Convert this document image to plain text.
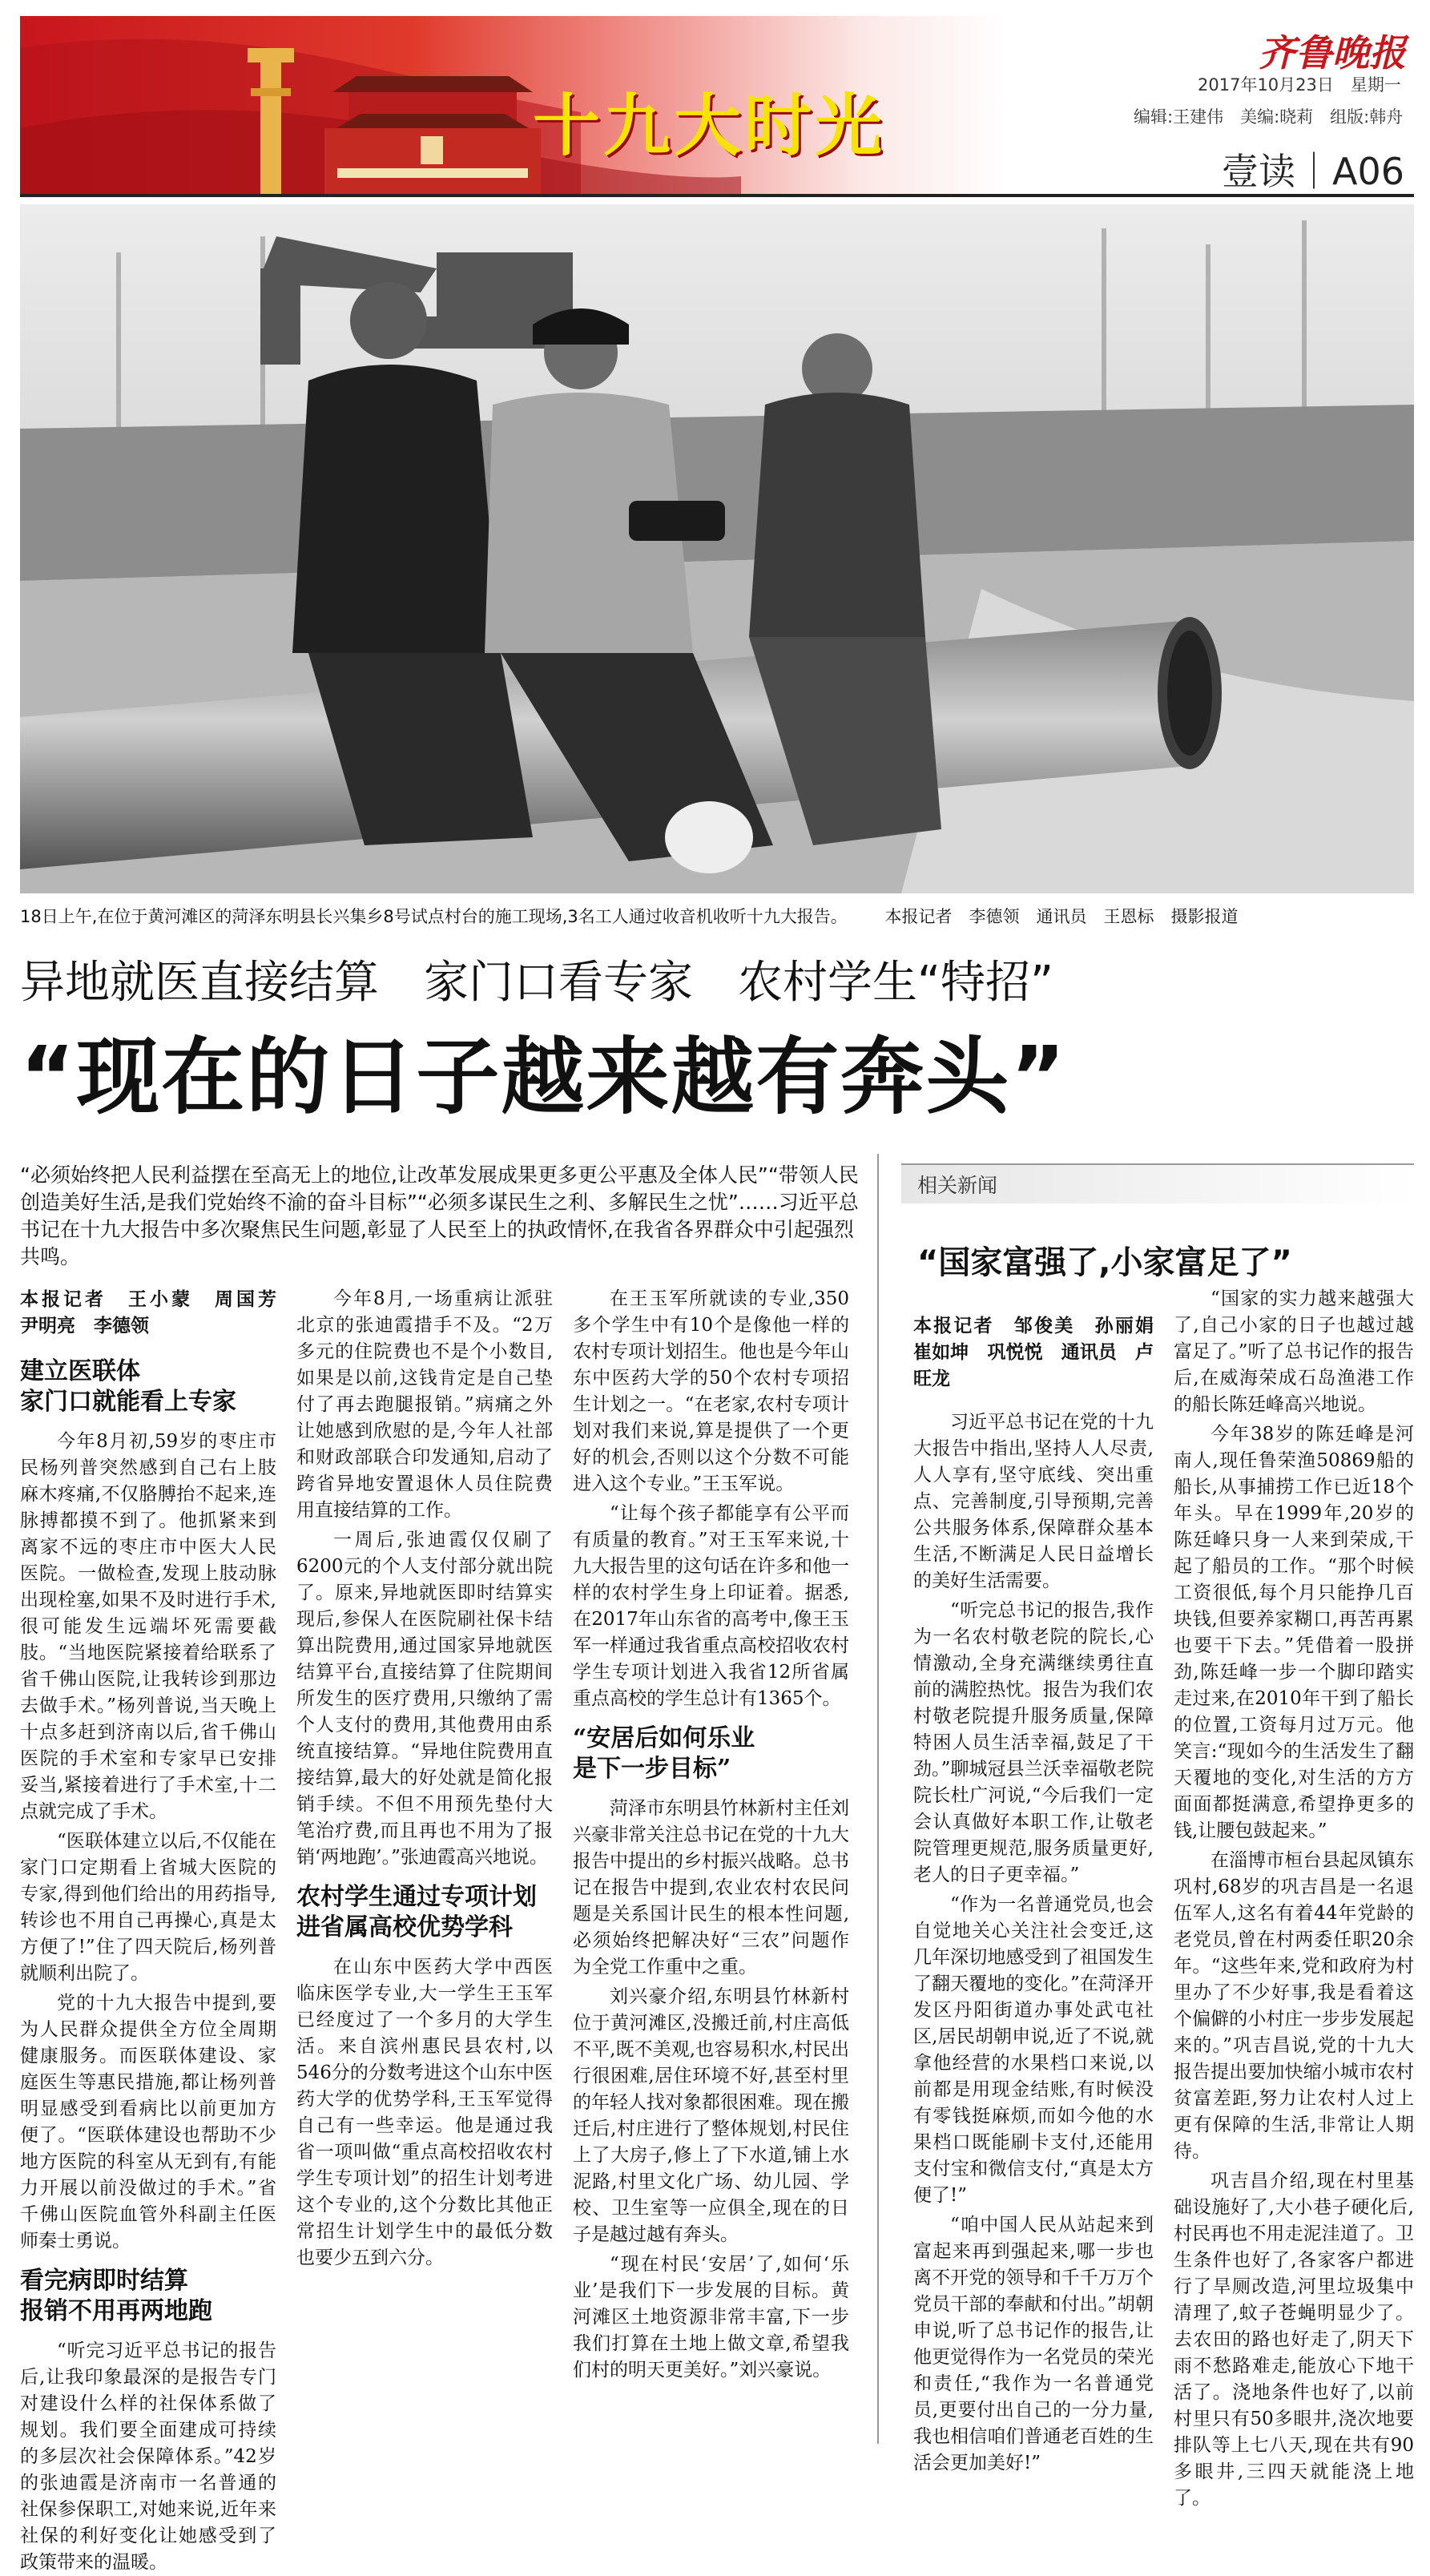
十九大时光
齐鲁晚报
2017年10月23日　星期一
编辑:王建伟　美编:晓莉　组版:韩舟
壹读｜A06
18日上午,在位于黄河滩区的菏泽东明县长兴集乡8号试点村台的施工现场,3名工人通过收音机收听十九大报告。 本报记者　李德领　通讯员　王恩标　摄影报道
异地就医直接结算　家门口看专家　农村学生“特招”
“现在的日子越来越有奔头”
“必须始终把人民利益摆在至高无上的地位,让改革发展成果更多更公平惠及全体人民”“带领人民创造美好生活,是我们党始终不渝的奋斗目标”“必须多谋民生之利、多解民生之忧”……习近平总书记在十九大报告中多次聚焦民生问题,彰显了人民至上的执政情怀,在我省各界群众中引起强烈共鸣。

本报记者　王小蒙　周国芳　尹明亮　李德领

建立医联体
家门口就能看上专家

今年8月初,59岁的枣庄市民杨列普突然感到自己右上肢麻木疼痛,不仅胳膊抬不起来,连脉搏都摸不到了。他抓紧来到离家不远的枣庄市中医大人民医院。一做检查,发现上肢动脉出现栓塞,如果不及时进行手术,很可能发生远端坏死需要截肢。“当地医院紧接着给联系了省千佛山医院,让我转诊到那边去做手术。”杨列普说,当天晚上十点多赶到济南以后,省千佛山医院的手术室和专家早已安排妥当,紧接着进行了手术室,十二点就完成了手术。

“医联体建立以后,不仅能在家门口定期看上省城大医院的专家,得到他们给出的用药指导,转诊也不用自己再操心,真是太方便了!”住了四天院后,杨列普就顺利出院了。

党的十九大报告中提到,要为人民群众提供全方位全周期健康服务。而医联体建设、家庭医生等惠民措施,都让杨列普明显感受到看病比以前更加方便了。“医联体建设也帮助不少地方医院的科室从无到有,有能力开展以前没做过的手术。”省千佛山医院血管外科副主任医师秦士勇说。

看完病即时结算
报销不用再两地跑

“听完习近平总书记的报告后,让我印象最深的是报告专门对建设什么样的社保体系做了规划。我们要全面建成可持续的多层次社会保障体系。”42岁的张迪霞是济南市一名普通的社保参保职工,对她来说,近年来社保的利好变化让她感受到了政策带来的温暖。

今年8月,一场重病让派驻北京的张迪霞措手不及。“2万多元的住院费也不是个小数目,如果是以前,这钱肯定是自己垫付了再去跑腿报销。”病痛之外让她感到欣慰的是,今年人社部和财政部联合印发通知,启动了跨省异地安置退休人员住院费用直接结算的工作。

一周后,张迪霞仅仅刷了6200元的个人支付部分就出院了。原来,异地就医即时结算实现后,参保人在医院刷社保卡结算出院费用,通过国家异地就医结算平台,直接结算了住院期间所发生的医疗费用,只缴纳了需个人支付的费用,其他费用由系统直接结算。“异地住院费用直接结算,最大的好处就是简化报销手续。不但不用预先垫付大笔治疗费,而且再也不用为了报销‘两地跑’。”张迪霞高兴地说。

农村学生通过专项计划
进省属高校优势学科

在山东中医药大学中西医临床医学专业,大一学生王玉军已经度过了一个多月的大学生活。来自滨州惠民县农村,以546分的分数考进这个山东中医药大学的优势学科,王玉军觉得自己有一些幸运。他是通过我省一项叫做“重点高校招收农村学生专项计划”的招生计划考进这个专业的,这个分数比其他正常招生计划学生中的最低分数也要少五到六分。

在王玉军所就读的专业,350多个学生中有10个是像他一样的农村专项计划招生。他也是今年山东中医药大学的50个农村专项招生计划之一。“在老家,农村专项计划对我们来说,算是提供了一个更好的机会,否则以这个分数不可能进入这个专业。”王玉军说。

“让每个孩子都能享有公平而有质量的教育。”对王玉军来说,十九大报告里的这句话在许多和他一样的农村学生身上印证着。据悉,在2017年山东省的高考中,像王玉军一样通过我省重点高校招收农村学生专项计划进入我省12所省属重点高校的学生总计有1365个。

“安居后如何乐业
是下一步目标”

菏泽市东明县竹林新村主任刘兴豪非常关注总书记在党的十九大报告中提出的乡村振兴战略。总书记在报告中提到,农业农村农民问题是关系国计民生的根本性问题,必须始终把解决好“三农”问题作为全党工作重中之重。

刘兴豪介绍,东明县竹林新村位于黄河滩区,没搬迁前,村庄高低不平,既不美观,也容易积水,村民出行很困难,居住环境不好,甚至村里的年轻人找对象都很困难。现在搬迁后,村庄进行了整体规划,村民住上了大房子,修上了下水道,铺上水泥路,村里文化广场、幼儿园、学校、卫生室等一应俱全,现在的日子是越过越有奔头。

“现在村民‘安居’了,如何‘乐业’是我们下一步发展的目标。黄河滩区土地资源非常丰富,下一步我们打算在土地上做文章,希望我们村的明天更美好。”刘兴豪说。

相关新闻
“国家富强了,小家富足了”

本报记者　邹俊美　孙丽娟　崔如坤　巩悦悦　通讯员　卢旺龙

习近平总书记在党的十九大报告中指出,坚持人人尽责,人人享有,坚守底线、突出重点、完善制度,引导预期,完善公共服务体系,保障群众基本生活,不断满足人民日益增长的美好生活需要。

“听完总书记的报告,我作为一名农村敬老院的院长,心情激动,全身充满继续勇往直前的满腔热忱。报告为我们农村敬老院提升服务质量,保障特困人员生活幸福,鼓足了干劲。”聊城冠县兰沃幸福敬老院院长杜广河说,“今后我们一定会认真做好本职工作,让敬老院管理更规范,服务质量更好,老人的日子更幸福。”

“作为一名普通党员,也会自觉地关心关注社会变迁,这几年深切地感受到了祖国发生了翻天覆地的变化。”在菏泽开发区丹阳街道办事处武屯社区,居民胡朝申说,近了不说,就拿他经营的水果档口来说,以前都是用现金结账,有时候没有零钱挺麻烦,而如今他的水果档口既能刷卡支付,还能用支付宝和微信支付,“真是太方便了!”

“咱中国人民从站起来到富起来再到强起来,哪一步也离不开党的领导和千千万万个党员干部的奉献和付出。”胡朝申说,听了总书记作的报告,让他更觉得作为一名党员的荣光和责任,“我作为一名普通党员,更要付出自己的一分力量,我也相信咱们普通老百姓的生活会更加美好!”

“国家的实力越来越强大了,自己小家的日子也越过越富足了。”听了总书记作的报告后,在威海荣成石岛渔港工作的船长陈廷峰高兴地说。

今年38岁的陈廷峰是河南人,现任鲁荣渔50869船的船长,从事捕捞工作已近18个年头。早在1999年,20岁的陈廷峰只身一人来到荣成,干起了船员的工作。“那个时候工资很低,每个月只能挣几百块钱,但要养家糊口,再苦再累也要干下去。”凭借着一股拼劲,陈廷峰一步一个脚印踏实走过来,在2010年干到了船长的位置,工资每月过万元。他笑言:“现如今的生活发生了翻天覆地的变化,对生活的方方面面都挺满意,希望挣更多的钱,让腰包鼓起来。”

在淄博市桓台县起凤镇东巩村,68岁的巩吉昌是一名退伍军人,这名有着44年党龄的老党员,曾在村两委任职20余年。“这些年来,党和政府为村里办了不少好事,我是看着这个偏僻的小村庄一步步发展起来的。”巩吉昌说,党的十九大报告提出要加快缩小城市农村贫富差距,努力让农村人过上更有保障的生活,非常让人期待。

巩吉昌介绍,现在村里基础设施好了,大小巷子硬化后,村民再也不用走泥洼道了。卫生条件也好了,各家客户都进行了旱厕改造,河里垃圾集中清理了,蚊子苍蝇明显少了。去农田的路也好走了,阴天下雨不愁路难走,能放心下地干活了。浇地条件也好了,以前村里只有50多眼井,浇次地要排队等上七八天,现在共有90多眼井,三四天就能浇上地了。
